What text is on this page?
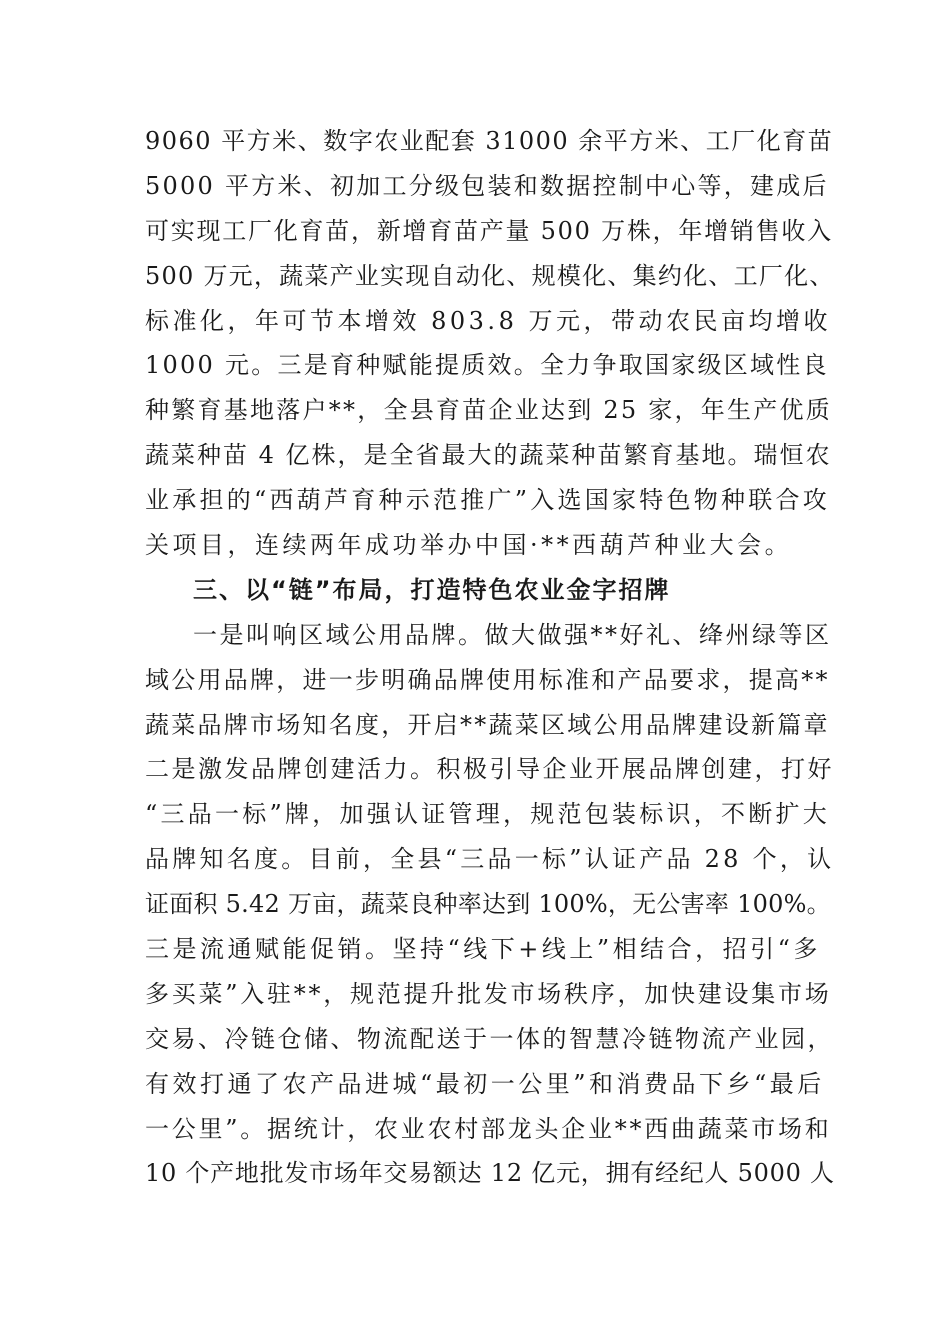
9060 平方米、数字农业配套 31000 余平方米、工厂化育苗
5000 平方米、初加工分级包装和数据控制中心等，建成后
可实现工厂化育苗，新增育苗产量 500 万株，年增销售收入
500 万元，蔬菜产业实现自动化、规模化、集约化、工厂化、
标准化，年可节本增效 803.8 万元，带动农民亩均增收
1000 元。三是育种赋能提质效。全力争取国家级区域性良
种繁育基地落户**，全县育苗企业达到 25 家，年生产优质
蔬菜种苗 4 亿株，是全省最大的蔬菜种苗繁育基地。瑞恒农
业承担的“西葫芦育种示范推广”入选国家特色物种联合攻
关项目，连续两年成功举办中国·**西葫芦种业大会。
三、以“链”布局，打造特色农业金字招牌
一是叫响区域公用品牌。做大做强**好礼、绛州绿等区
域公用品牌，进一步明确品牌使用标准和产品要求，提高**
蔬菜品牌市场知名度，开启**蔬菜区域公用品牌建设新篇章
二是激发品牌创建活力。积极引导企业开展品牌创建，打好
“三品一标”牌，加强认证管理，规范包装标识，不断扩大
品牌知名度。目前，全县“三品一标”认证产品 28 个，认
证面积 5.42 万亩，蔬菜良种率达到 100%，无公害率 100%。
三是流通赋能促销。坚持“线下+线上”相结合，招引“多
多买菜”入驻**，规范提升批发市场秩序，加快建设集市场
交易、冷链仓储、物流配送于一体的智慧冷链物流产业园，
有效打通了农产品进城“最初一公里”和消费品下乡“最后
一公里”。据统计，农业农村部龙头企业**西曲蔬菜市场和
10 个产地批发市场年交易额达 12 亿元，拥有经纪人 5000 人
